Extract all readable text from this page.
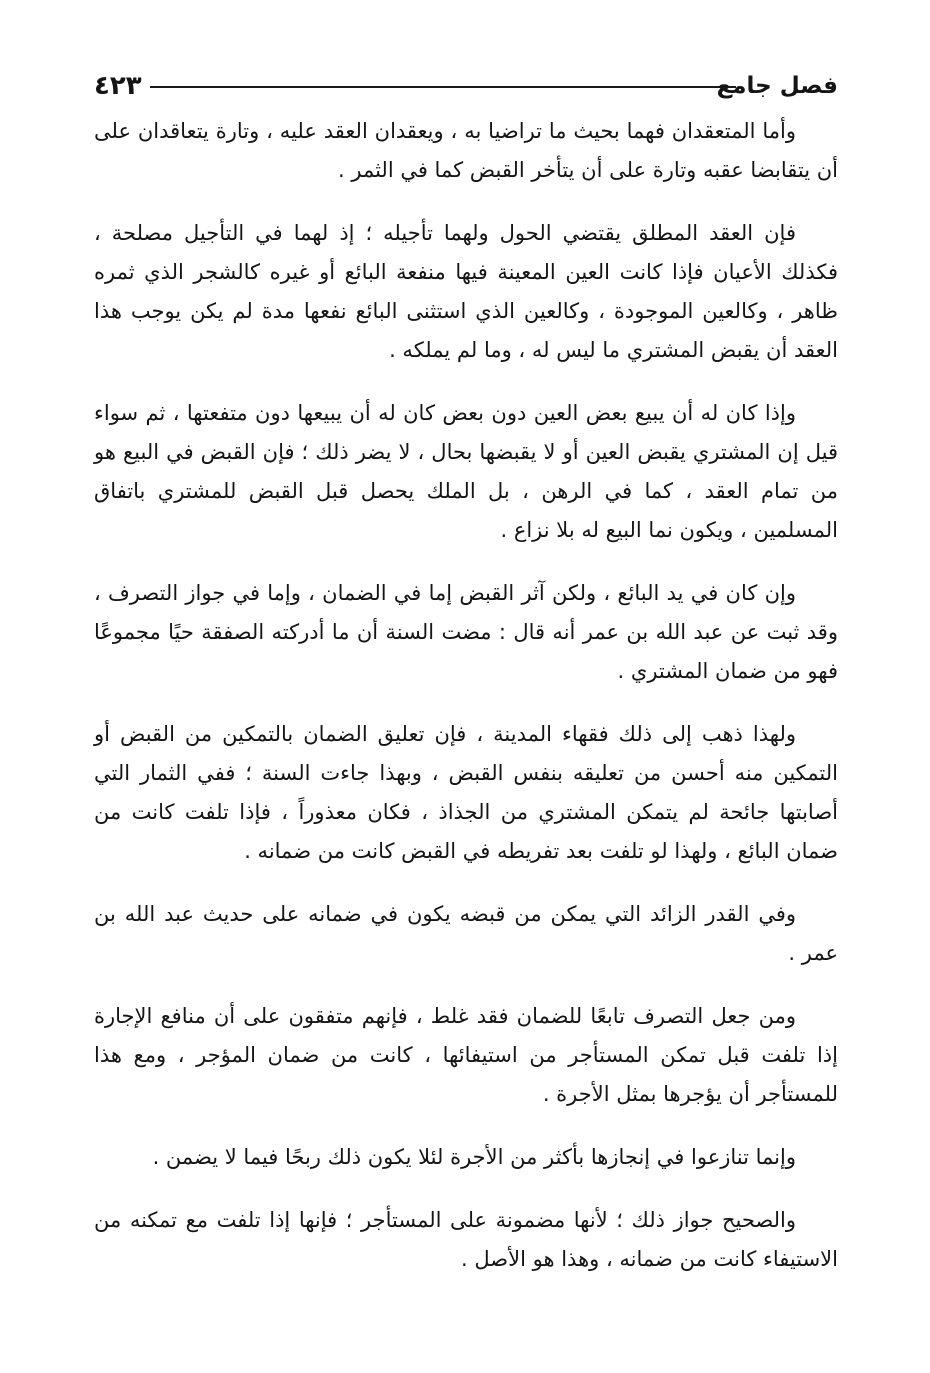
٤٢٣	فصل جامع

وأما المتعقدان فهما بحيث ما تراضيا به ، ويعقدان العقد عليه ، وتارة يتعاقدان على أن يتقابضا عقبه وتارة على أن يتأخر القبض كما في الثمر .

فإن العقد المطلق يقتضي الحول ولهما تأجيله ؛ إذ لهما في التأجيل مصلحة ، فكذلك الأعيان فإذا كانت العين المعينة فيها منفعة البائع أو غيره كالشجر الذي ثمره ظاهر ، وكالعين الموجودة ، وكالعين الذي استثنى البائع نفعها مدة لم يكن يوجب هذا العقد أن يقبض المشتري ما ليس له ، وما لم يملكه .

وإذا كان له أن يبيع بعض العين دون بعض كان له أن يبيعها دون متفعتها ، ثم سواء قيل إن المشتري يقبض العين أو لا يقبضها بحال ، لا يضر ذلك ؛ فإن القبض في البيع هو من تمام العقد ، كما في الرهن ، بل الملك يحصل قبل القبض للمشتري باتفاق المسلمين ، ويكون نما البيع له بلا نزاع .

وإن كان في يد البائع ، ولكن آثر القبض إما في الضمان ، وإما في جواز التصرف ، وقد ثبت عن عبد الله بن عمر أنه قال : مضت السنة أن ما أدركته الصفقة حيًا مجموعًا فهو من ضمان المشتري .

ولهذا ذهب إلى ذلك فقهاء المدينة ، فإن تعليق الضمان بالتمكين من القبض أو التمكين منه أحسن من تعليقه بنفس القبض ، وبهذا جاءت السنة ؛ ففي الثمار التي أصابتها جائحة لم يتمكن المشتري من الجذاذ ، فكان معذوراً ، فإذا تلفت كانت من ضمان البائع ، ولهذا لو تلفت بعد تفريطه في القبض كانت من ضمانه .

وفي القدر الزائد التي يمكن من قبضه يكون في ضمانه على حديث عبد الله بن عمر .

ومن جعل التصرف تابعًا للضمان فقد غلط ، فإنهم متفقون على أن منافع الإجارة إذا تلفت قبل تمكن المستأجر من استيفائها ، كانت من ضمان المؤجر ، ومع هذا للمستأجر أن يؤجرها بمثل الأجرة .

وإنما تنازعوا في إنجازها بأكثر من الأجرة لئلا يكون ذلك ربحًا فيما لا يضمن .

والصحيح جواز ذلك ؛ لأنها مضمونة على المستأجر ؛ فإنها إذا تلفت مع تمكنه من الاستيفاء كانت من ضمانه ، وهذا هو الأصل .
